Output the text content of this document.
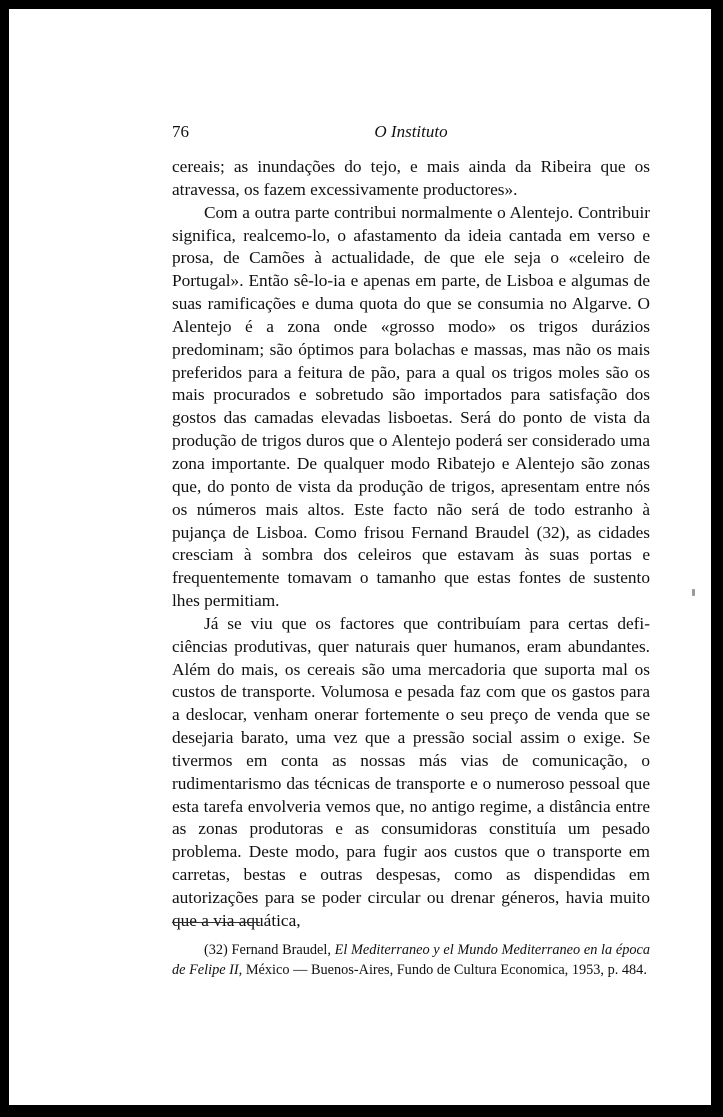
76	O Instituto

cereais; as inundações do tejo, e mais ainda da Ribeira que os atravessa, os fazem excessivamente productores».

Com a outra parte contribui normalmente o Alentejo. Contribuir significa, realcemo-lo, o afastamento da ideia cantada em verso e prosa, de Camões à actualidade, de que ele seja o «celeiro de Portugal». Então sê-lo-ia e apenas em parte, de Lisboa e algumas de suas ramificações e duma quota do que se consumia no Algarve. O Alentejo é a zona onde «grosso modo» os trigos durázios predominam; são óptimos para bolachas e massas, mas não os mais preferidos para a feitura de pão, para a qual os trigos moles são os mais procurados e sobretudo são importados para satisfação dos gostos das camadas elevadas lisboetas. Será do ponto de vista da produção de trigos duros que o Alentejo poderá ser considerado uma zona importante. De qualquer modo Ribatejo e Alentejo são zonas que, do ponto de vista da produção de trigos, apresentam entre nós os números mais altos. Este facto não será de todo estranho à pujança de Lisboa. Como frisou Fernand Braudel (32), as cidades cresciam à sombra dos celeiros que estavam às suas portas e frequentemente tomavam o tamanho que estas fontes de sustento lhes permitiam.

Já se viu que os factores que contribuíam para certas deficiências produtivas, quer naturais quer humanos, eram abundantes. Além do mais, os cereais são uma mercadoria que suporta mal os custos de transporte. Volumosa e pesada faz com que os gastos para a deslocar, venham onerar fortemente o seu preço de venda que se desejaria barato, uma vez que a pressão social assim o exige. Se tivermos em conta as nossas más vias de comunicação, o rudimentarismo das técnicas de transporte e o numeroso pessoal que esta tarefa envolveria vemos que, no antigo regime, a distância entre as zonas produtoras e as consumidoras constituía um pesado problema. Deste modo, para fugir aos custos que o transporte em carretas, bestas e outras despesas, como as dispendidas em autorizações para se poder circular ou drenar géneros, havia muito que a via aquática,

(32) Fernand Braudel, El Mediterraneo y el Mundo Mediterraneo en la época de Felipe II, México — Buenos-Aires, Fundo de Cultura Economica, 1953, p. 484.
